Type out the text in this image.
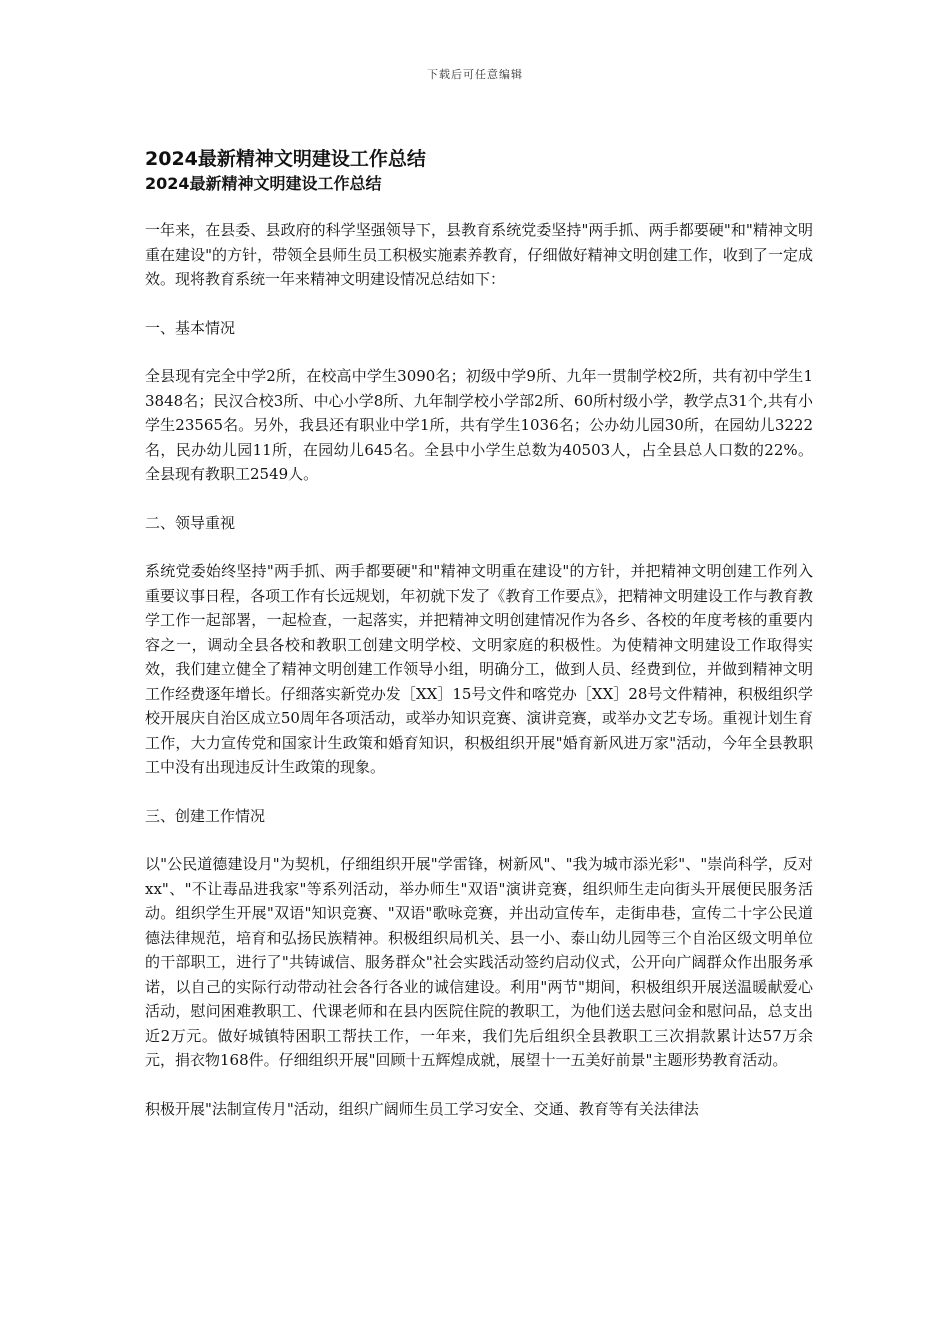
下载后可任意编辑
2024最新精神文明建设工作总结
2024最新精神文明建设工作总结

一年来，在县委、县政府的科学坚强领导下，县教育系统党委坚持"两手抓、两手都要硬"和"精神文明重在建设"的方针，带领全县师生员工积极实施素养教育，仔细做好精神文明创建工作，收到了一定成效。现将教育系统一年来精神文明建设情况总结如下：

一、基本情况

全县现有完全中学2所，在校高中学生3090名；初级中学9所、九年一贯制学校2所，共有初中学生13848名；民汉合校3所、中心小学8所、九年制学校小学部2所、60所村级小学，教学点31个,共有小学生23565名。另外，我县还有职业中学1所，共有学生1036名；公办幼儿园30所，在园幼儿3222名，民办幼儿园11所，在园幼儿645名。全县中小学生总数为40503人，占全县总人口数的22%。全县现有教职工2549人。

二、领导重视

系统党委始终坚持"两手抓、两手都要硬"和"精神文明重在建设"的方针，并把精神文明创建工作列入重要议事日程，各项工作有长远规划，年初就下发了《教育工作要点》，把精神文明建设工作与教育教学工作一起部署，一起检查，一起落实，并把精神文明创建情况作为各乡、各校的年度考核的重要内容之一，调动全县各校和教职工创建文明学校、文明家庭的积极性。为使精神文明建设工作取得实效，我们建立健全了精神文明创建工作领导小组，明确分工，做到人员、经费到位，并做到精神文明工作经费逐年增长。仔细落实新党办发［XX］15号文件和喀党办［XX］28号文件精神，积极组织学校开展庆自治区成立50周年各项活动，或举办知识竞赛、演讲竞赛，或举办文艺专场。重视计划生育工作，大力宣传党和国家计生政策和婚育知识，积极组织开展"婚育新风进万家"活动，今年全县教职工中没有出现违反计生政策的现象。

三、创建工作情况

以"公民道德建设月"为契机，仔细组织开展"学雷锋，树新风"、"我为城市添光彩"、"崇尚科学，反对xx"、"不让毒品进我家"等系列活动，举办师生"双语"演讲竞赛，组织师生走向街头开展便民服务活动。组织学生开展"双语"知识竞赛、"双语"歌咏竞赛，并出动宣传车，走街串巷，宣传二十字公民道德法律规范，培育和弘扬民族精神。积极组织局机关、县一小、泰山幼儿园等三个自治区级文明单位的干部职工，进行了"共铸诚信、服务群众"社会实践活动签约启动仪式，公开向广阔群众作出服务承诺，以自己的实际行动带动社会各行各业的诚信建设。利用"两节"期间，积极组织开展送温暖献爱心活动，慰问困难教职工、代课老师和在县内医院住院的教职工，为他们送去慰问金和慰问品，总支出近2万元。做好城镇特困职工帮扶工作，一年来，我们先后组织全县教职工三次捐款累计达57万余元，捐衣物168件。仔细组织开展"回顾十五辉煌成就，展望十一五美好前景"主题形势教育活动。

积极开展"法制宣传月"活动，组织广阔师生员工学习安全、交通、教育等有关法律法
